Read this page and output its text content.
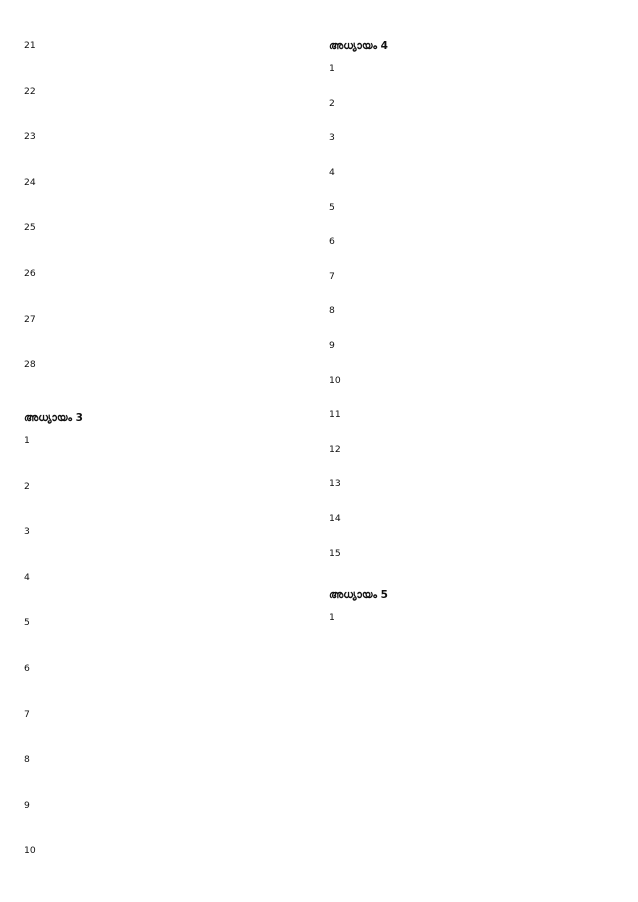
21
22
23
24
25
26
27
28
അധ്യായം 3
1
2
3
4
5
6
7
8
9
10
അധ്യായം 4
1
2
3
4
5
6
7
8
9
10
11
12
13
14
15
അധ്യായം 5
1
